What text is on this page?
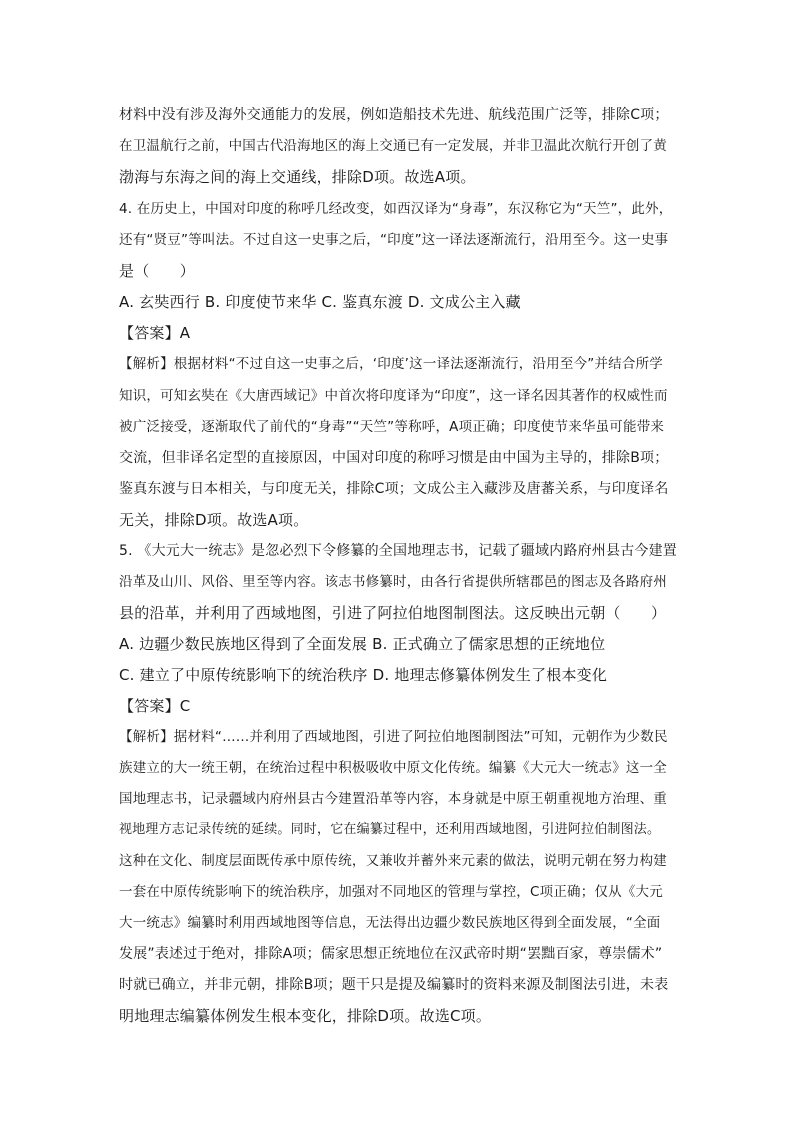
材料中没有涉及海外交通能力的发展，例如造船技术先进、航线范围广泛等，排除C项；
在卫温航行之前，中国古代沿海地区的海上交通已有一定发展，并非卫温此次航行开创了黄
渤海与东海之间的海上交通线，排除D项。故选A项。
4. 在历史上，中国对印度的称呼几经改变，如西汉译为“身毒”，东汉称它为“天竺”，此外，
还有“贤豆”等叫法。不过自这一史事之后，“印度”这一译法逐渐流行，沿用至今。这一史事
是（　　）
A. 玄奘西行 B. 印度使节来华 C. 鉴真东渡 D. 文成公主入藏
【答案】A
【解析】根据材料“不过自这一史事之后，‘印度’这一译法逐渐流行，沿用至今”并结合所学
知识，可知玄奘在《大唐西域记》中首次将印度译为“印度”，这一译名因其著作的权威性而
被广泛接受，逐渐取代了前代的“身毒”“天竺”等称呼，A项正确；印度使节来华虽可能带来
交流，但非译名定型的直接原因，中国对印度的称呼习惯是由中国为主导的，排除B项；
鉴真东渡与日本相关，与印度无关，排除C项；文成公主入藏涉及唐蕃关系，与印度译名
无关，排除D项。故选A项。
5. 《大元大一统志》是忽必烈下令修纂的全国地理志书，记载了疆域内路府州县古今建置
沿革及山川、风俗、里至等内容。该志书修纂时，由各行省提供所辖郡邑的图志及各路府州
县的沿革，并利用了西域地图，引进了阿拉伯地图制图法。这反映出元朝（　　）
A. 边疆少数民族地区得到了全面发展 B. 正式确立了儒家思想的正统地位
C. 建立了中原传统影响下的统治秩序 D. 地理志修纂体例发生了根本变化
【答案】C
【解析】据材料“……并利用了西域地图，引进了阿拉伯地图制图法”可知，元朝作为少数民
族建立的大一统王朝，在统治过程中积极吸收中原文化传统。编纂《大元大一统志》这一全
国地理志书，记录疆域内府州县古今建置沿革等内容，本身就是中原王朝重视地方治理、重
视地理方志记录传统的延续。同时，它在编纂过程中，还利用西域地图，引进阿拉伯制图法。
这种在文化、制度层面既传承中原传统，又兼收并蓄外来元素的做法，说明元朝在努力构建
一套在中原传统影响下的统治秩序，加强对不同地区的管理与掌控，C项正确；仅从《大元
大一统志》编纂时利用西域地图等信息，无法得出边疆少数民族地区得到全面发展，“全面
发展”表述过于绝对，排除A项；儒家思想正统地位在汉武帝时期“罢黜百家，尊崇儒术”
时就已确立，并非元朝，排除B项；题干只是提及编纂时的资料来源及制图法引进，未表
明地理志编纂体例发生根本变化，排除D项。故选C项。
